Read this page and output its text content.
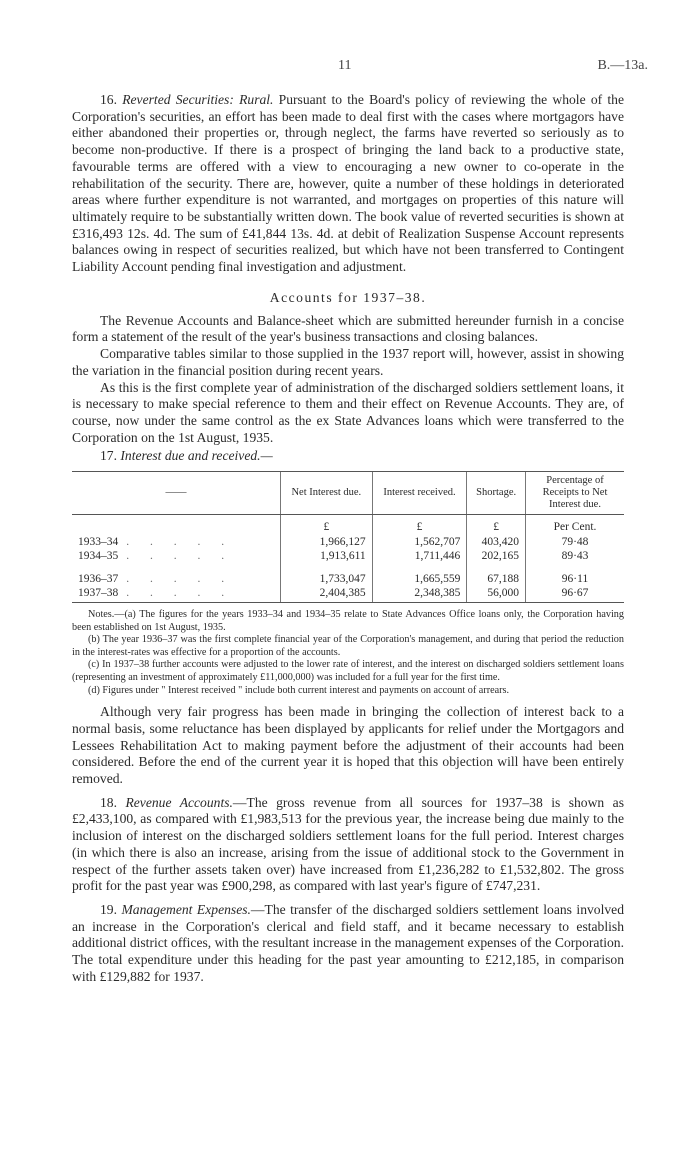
11	B.—13a.

16. Reverted Securities: Rural. Pursuant to the Board's policy of reviewing the whole of the Corporation's securities, an effort has been made to deal first with the cases where mortgagors have either abandoned their properties or, through neglect, the farms have reverted so seriously as to become non-productive. If there is a prospect of bringing the land back to a productive state, favourable terms are offered with a view to encouraging a new owner to co-operate in the rehabilitation of the security. There are, however, quite a number of these holdings in deteriorated areas where further expenditure is not warranted, and mortgages on properties of this nature will ultimately require to be substantially written down. The book value of reverted securities is shown at £316,493 12s. 4d. The sum of £41,844 13s. 4d. at debit of Realization Suspense Account represents balances owing in respect of securities realized, but which have not been transferred to Contingent Liability Account pending final investigation and adjustment.

Accounts for 1937–38.

The Revenue Accounts and Balance-sheet which are submitted hereunder furnish in a concise form a statement of the result of the year's business transactions and closing balances.

Comparative tables similar to those supplied in the 1937 report will, however, assist in showing the variation in the financial position during recent years.

As this is the first complete year of administration of the discharged soldiers settlement loans, it is necessary to make special reference to them and their effect on Revenue Accounts. They are, of course, now under the same control as the ex State Advances loans which were transferred to the Corporation on the 1st August, 1935.

17. Interest due and received.—

——	Net Interest due.	Interest received.	Shortage.	Percentage of Receipts to Net Interest due.
	£	£	£	Per Cent.
1933–34 . . . . .	1,966,127	1,562,707	403,420	79·48
1934–35 . . . . .	1,913,611	1,711,446	202,165	89·43

1936–37 . . . . .	1,733,047	1,665,559	67,188	96·11
1937–38 . . . . .	2,404,385	2,348,385	56,000	96·67

Notes.—(a) The figures for the years 1933–34 and 1934–35 relate to State Advances Office loans only, the Corporation having been established on 1st August, 1935.

(b) The year 1936–37 was the first complete financial year of the Corporation's management, and during that period the reduction in the interest-rates was effective for a proportion of the accounts.

(c) In 1937–38 further accounts were adjusted to the lower rate of interest, and the interest on discharged soldiers settlement loans (representing an investment of approximately £11,000,000) was included for a full year for the first time.

(d) Figures under " Interest received " include both current interest and payments on account of arrears.

Although very fair progress has been made in bringing the collection of interest back to a normal basis, some reluctance has been displayed by applicants for relief under the Mortgagors and Lessees Rehabilitation Act to making payment before the adjustment of their accounts had been considered. Before the end of the current year it is hoped that this objection will have been entirely removed.

18. Revenue Accounts.—The gross revenue from all sources for 1937–38 is shown as £2,433,100, as compared with £1,983,513 for the previous year, the increase being due mainly to the inclusion of interest on the discharged soldiers settlement loans for the full period. Interest charges (in which there is also an increase, arising from the issue of additional stock to the Government in respect of the further assets taken over) have increased from £1,236,282 to £1,532,802. The gross profit for the past year was £900,298, as compared with last year's figure of £747,231.

19. Management Expenses.—The transfer of the discharged soldiers settlement loans involved an increase in the Corporation's clerical and field staff, and it became necessary to establish additional district offices, with the resultant increase in the management expenses of the Corporation. The total expenditure under this heading for the past year amounting to £212,185, in comparison with £129,882 for 1937.
